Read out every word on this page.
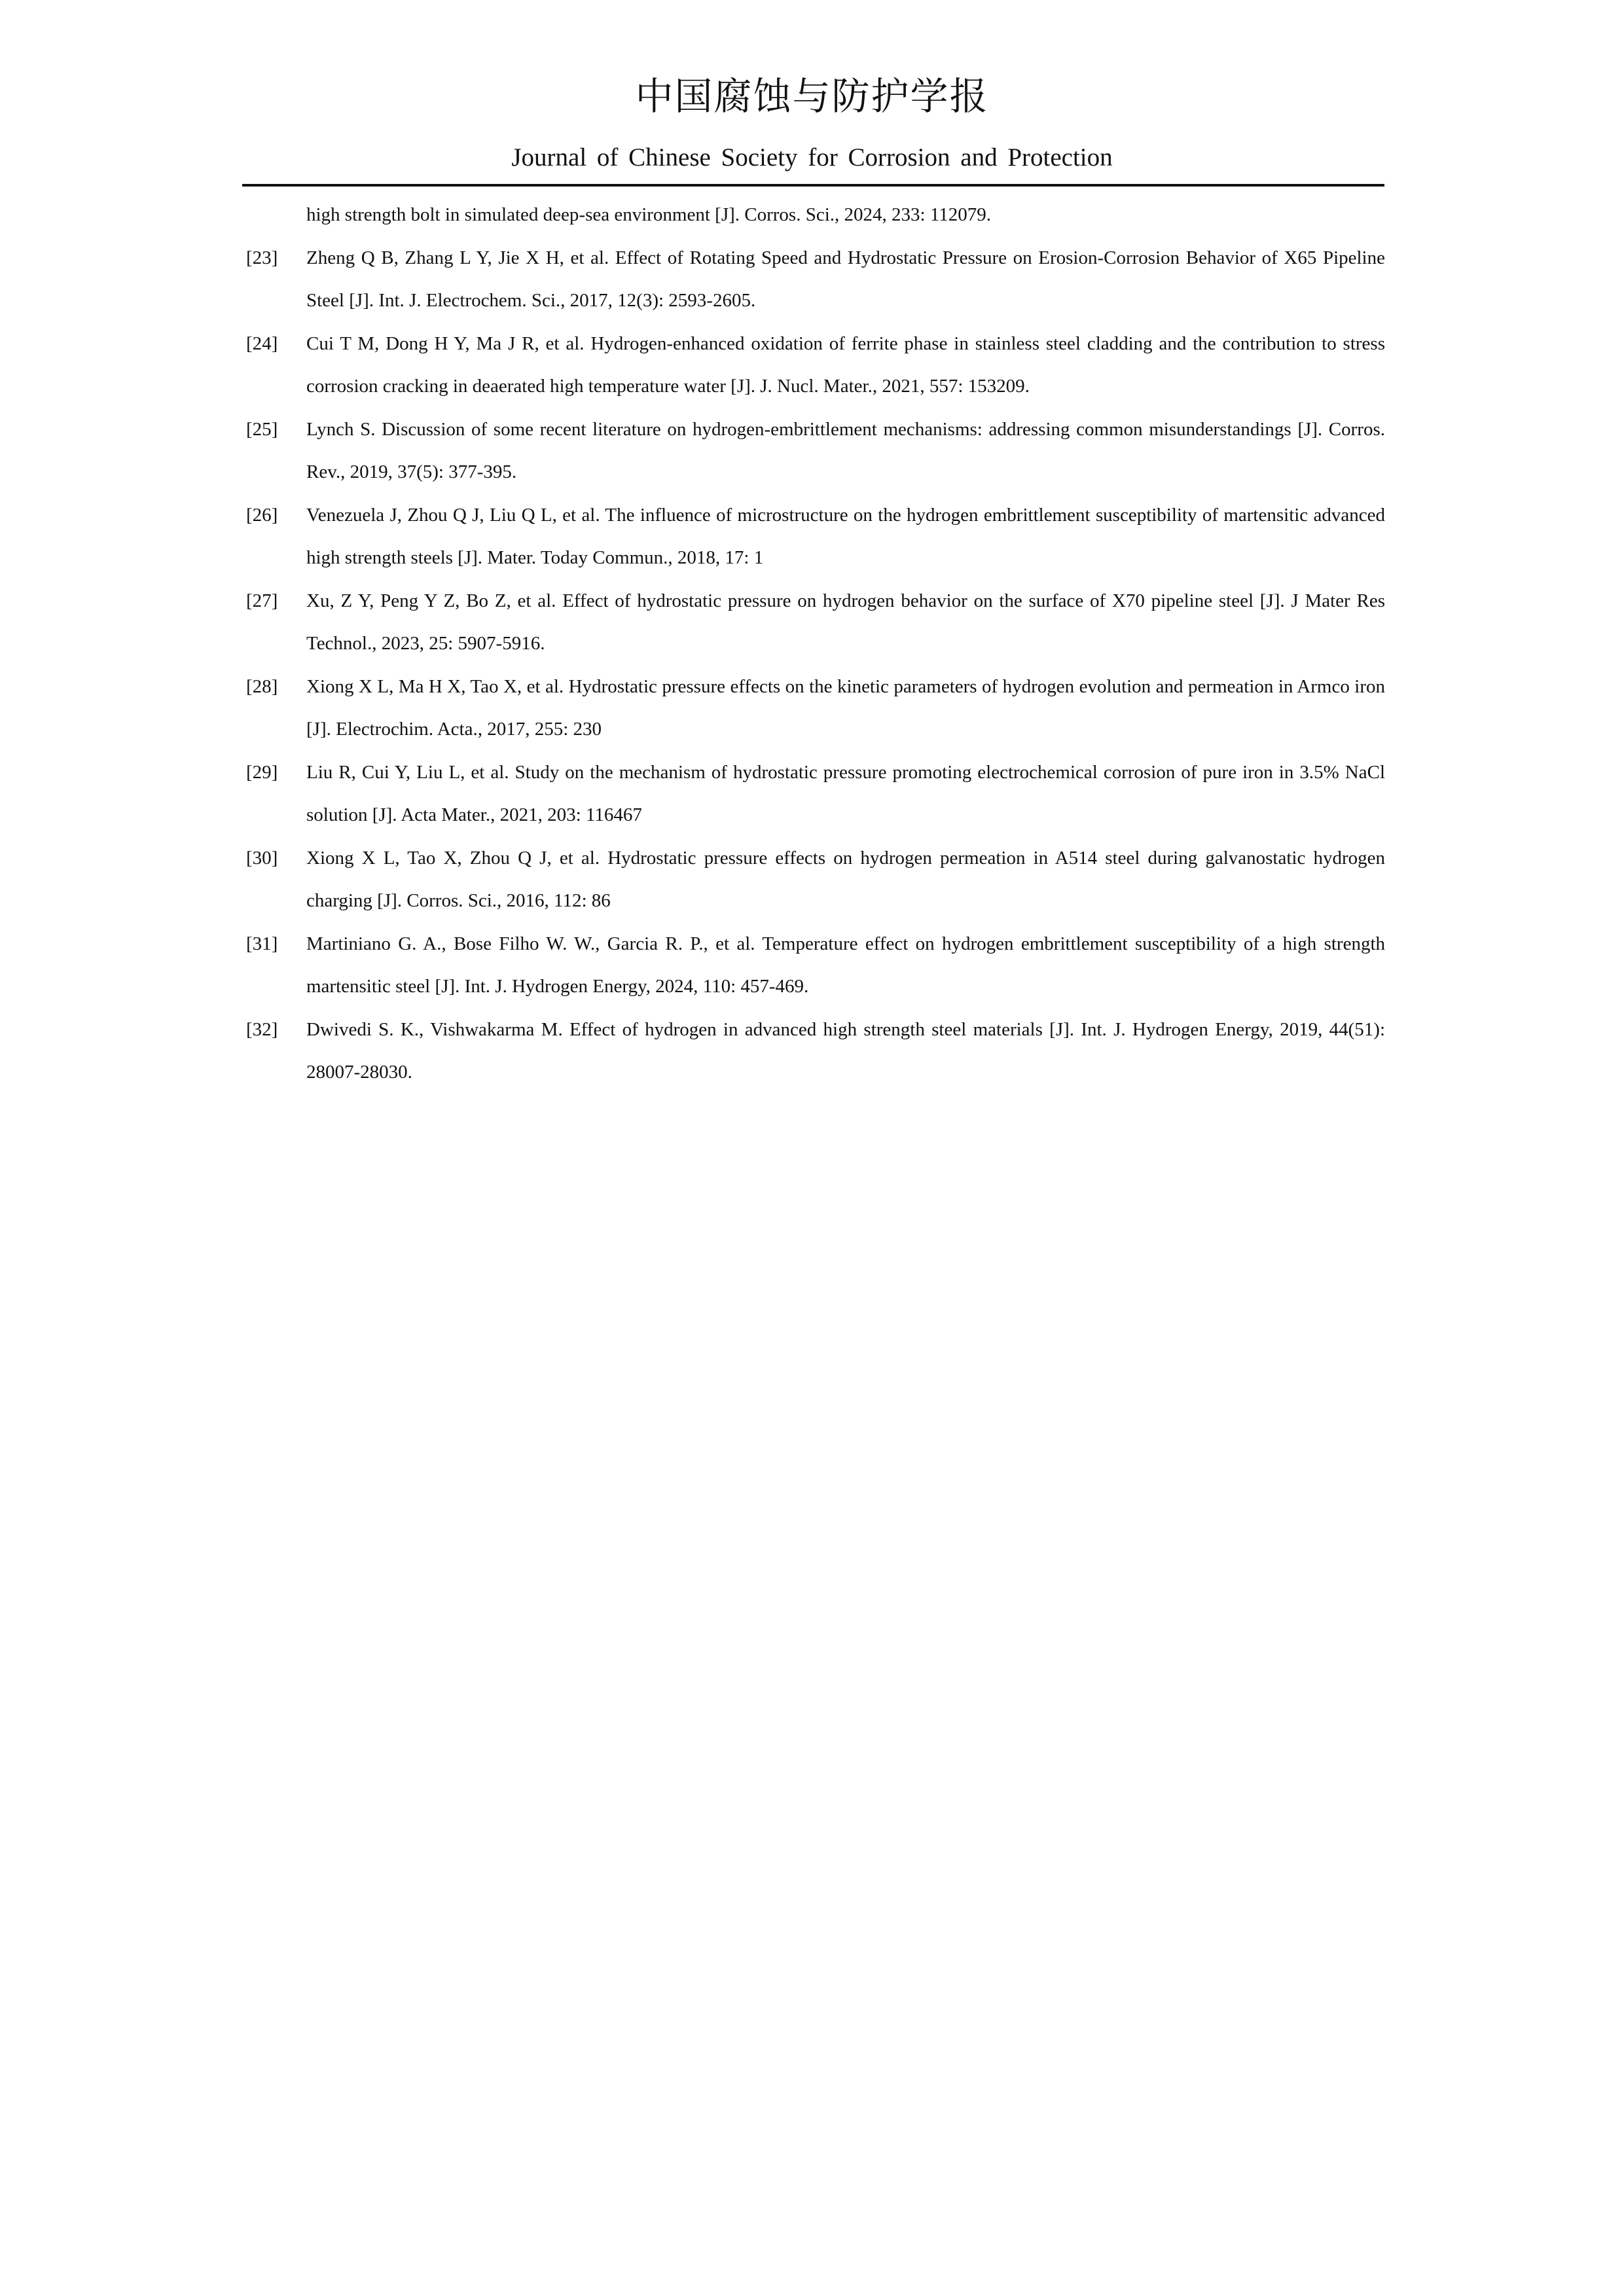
中国腐蚀与防护学报
Journal of Chinese Society for Corrosion and Protection
high strength bolt in simulated deep-sea environment [J]. Corros. Sci., 2024, 233: 112079.
[23]	Zheng Q B, Zhang L Y, Jie X H, et al. Effect of Rotating Speed and Hydrostatic Pressure on Erosion-Corrosion Behavior of X65 Pipeline Steel [J]. Int. J. Electrochem. Sci., 2017, 12(3): 2593-2605.
[24]	Cui T M, Dong H Y, Ma J R, et al. Hydrogen-enhanced oxidation of ferrite phase in stainless steel cladding and the contribution to stress corrosion cracking in deaerated high temperature water [J]. J. Nucl. Mater., 2021, 557: 153209.
[25]	Lynch S. Discussion of some recent literature on hydrogen-embrittlement mechanisms: addressing common misunderstandings [J]. Corros. Rev., 2019, 37(5): 377-395.
[26]	Venezuela J, Zhou Q J, Liu Q L, et al. The influence of microstructure on the hydrogen embrittlement susceptibility of martensitic advanced high strength steels [J]. Mater. Today Commun., 2018, 17: 1
[27]	Xu, Z Y, Peng Y Z, Bo Z, et al. Effect of hydrostatic pressure on hydrogen behavior on the surface of X70 pipeline steel [J]. J Mater Res Technol., 2023, 25: 5907-5916.
[28]	Xiong X L, Ma H X, Tao X, et al. Hydrostatic pressure effects on the kinetic parameters of hydrogen evolution and permeation in Armco iron [J]. Electrochim. Acta., 2017, 255: 230
[29]	Liu R, Cui Y, Liu L, et al. Study on the mechanism of hydrostatic pressure promoting electrochemical corrosion of pure iron in 3.5% NaCl solution [J]. Acta Mater., 2021, 203: 116467
[30]	Xiong X L, Tao X, Zhou Q J, et al. Hydrostatic pressure effects on hydrogen permeation in A514 steel during galvanostatic hydrogen charging [J]. Corros. Sci., 2016, 112: 86
[31]	Martiniano G. A., Bose Filho W. W., Garcia R. P., et al. Temperature effect on hydrogen embrittlement susceptibility of a high strength martensitic steel [J]. Int. J. Hydrogen Energy, 2024, 110: 457-469.
[32]	Dwivedi S. K., Vishwakarma M. Effect of hydrogen in advanced high strength steel materials [J]. Int. J. Hydrogen Energy, 2019, 44(51): 28007-28030.
